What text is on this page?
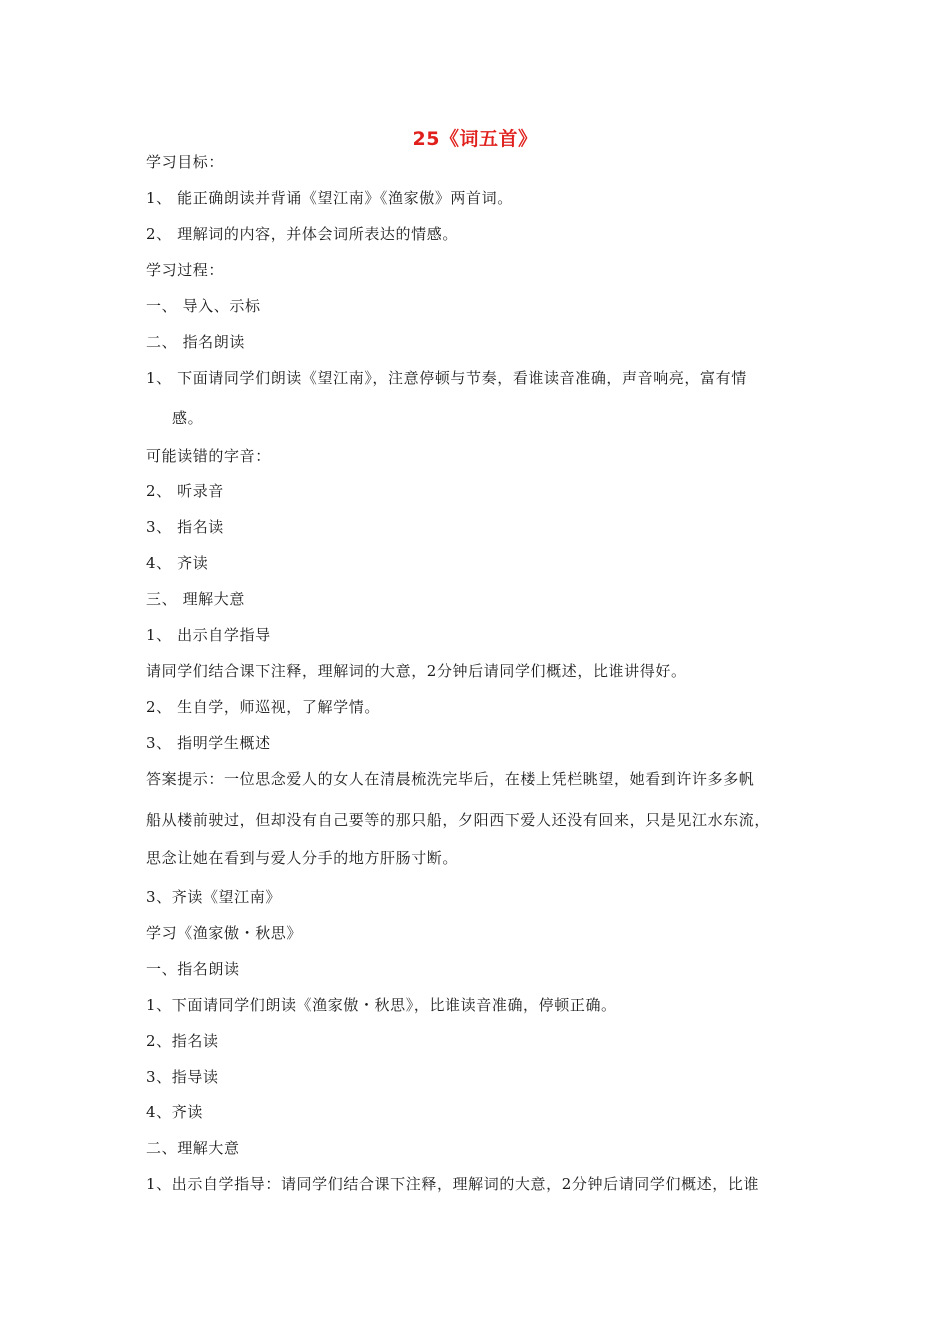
25《词五首》
学习目标：
1、 能正确朗读并背诵《望江南》《渔家傲》两首词。
2、 理解词的内容，并体会词所表达的情感。
学习过程：
一、 导入、示标
二、 指名朗读
1、 下面请同学们朗读《望江南》，注意停顿与节奏，看谁读音准确，声音响亮，富有情
感。
可能读错的字音：
2、 听录音
3、 指名读
4、 齐读
三、 理解大意
1、 出示自学指导
请同学们结合课下注释，理解词的大意，2分钟后请同学们概述，比谁讲得好。
2、 生自学，师巡视，了解学情。
3、 指明学生概述
答案提示：一位思念爱人的女人在清晨梳洗完毕后，在楼上凭栏眺望，她看到许许多多帆
船从楼前驶过，但却没有自己要等的那只船，夕阳西下爱人还没有回来，只是见江水东流，
思念让她在看到与爱人分手的地方肝肠寸断。
3、齐读《望江南》
学习《渔家傲・秋思》
一、指名朗读
1、下面请同学们朗读《渔家傲・秋思》，比谁读音准确，停顿正确。
2、指名读
3、指导读
4、齐读
二、理解大意
1、出示自学指导：请同学们结合课下注释，理解词的大意，2分钟后请同学们概述，比谁
